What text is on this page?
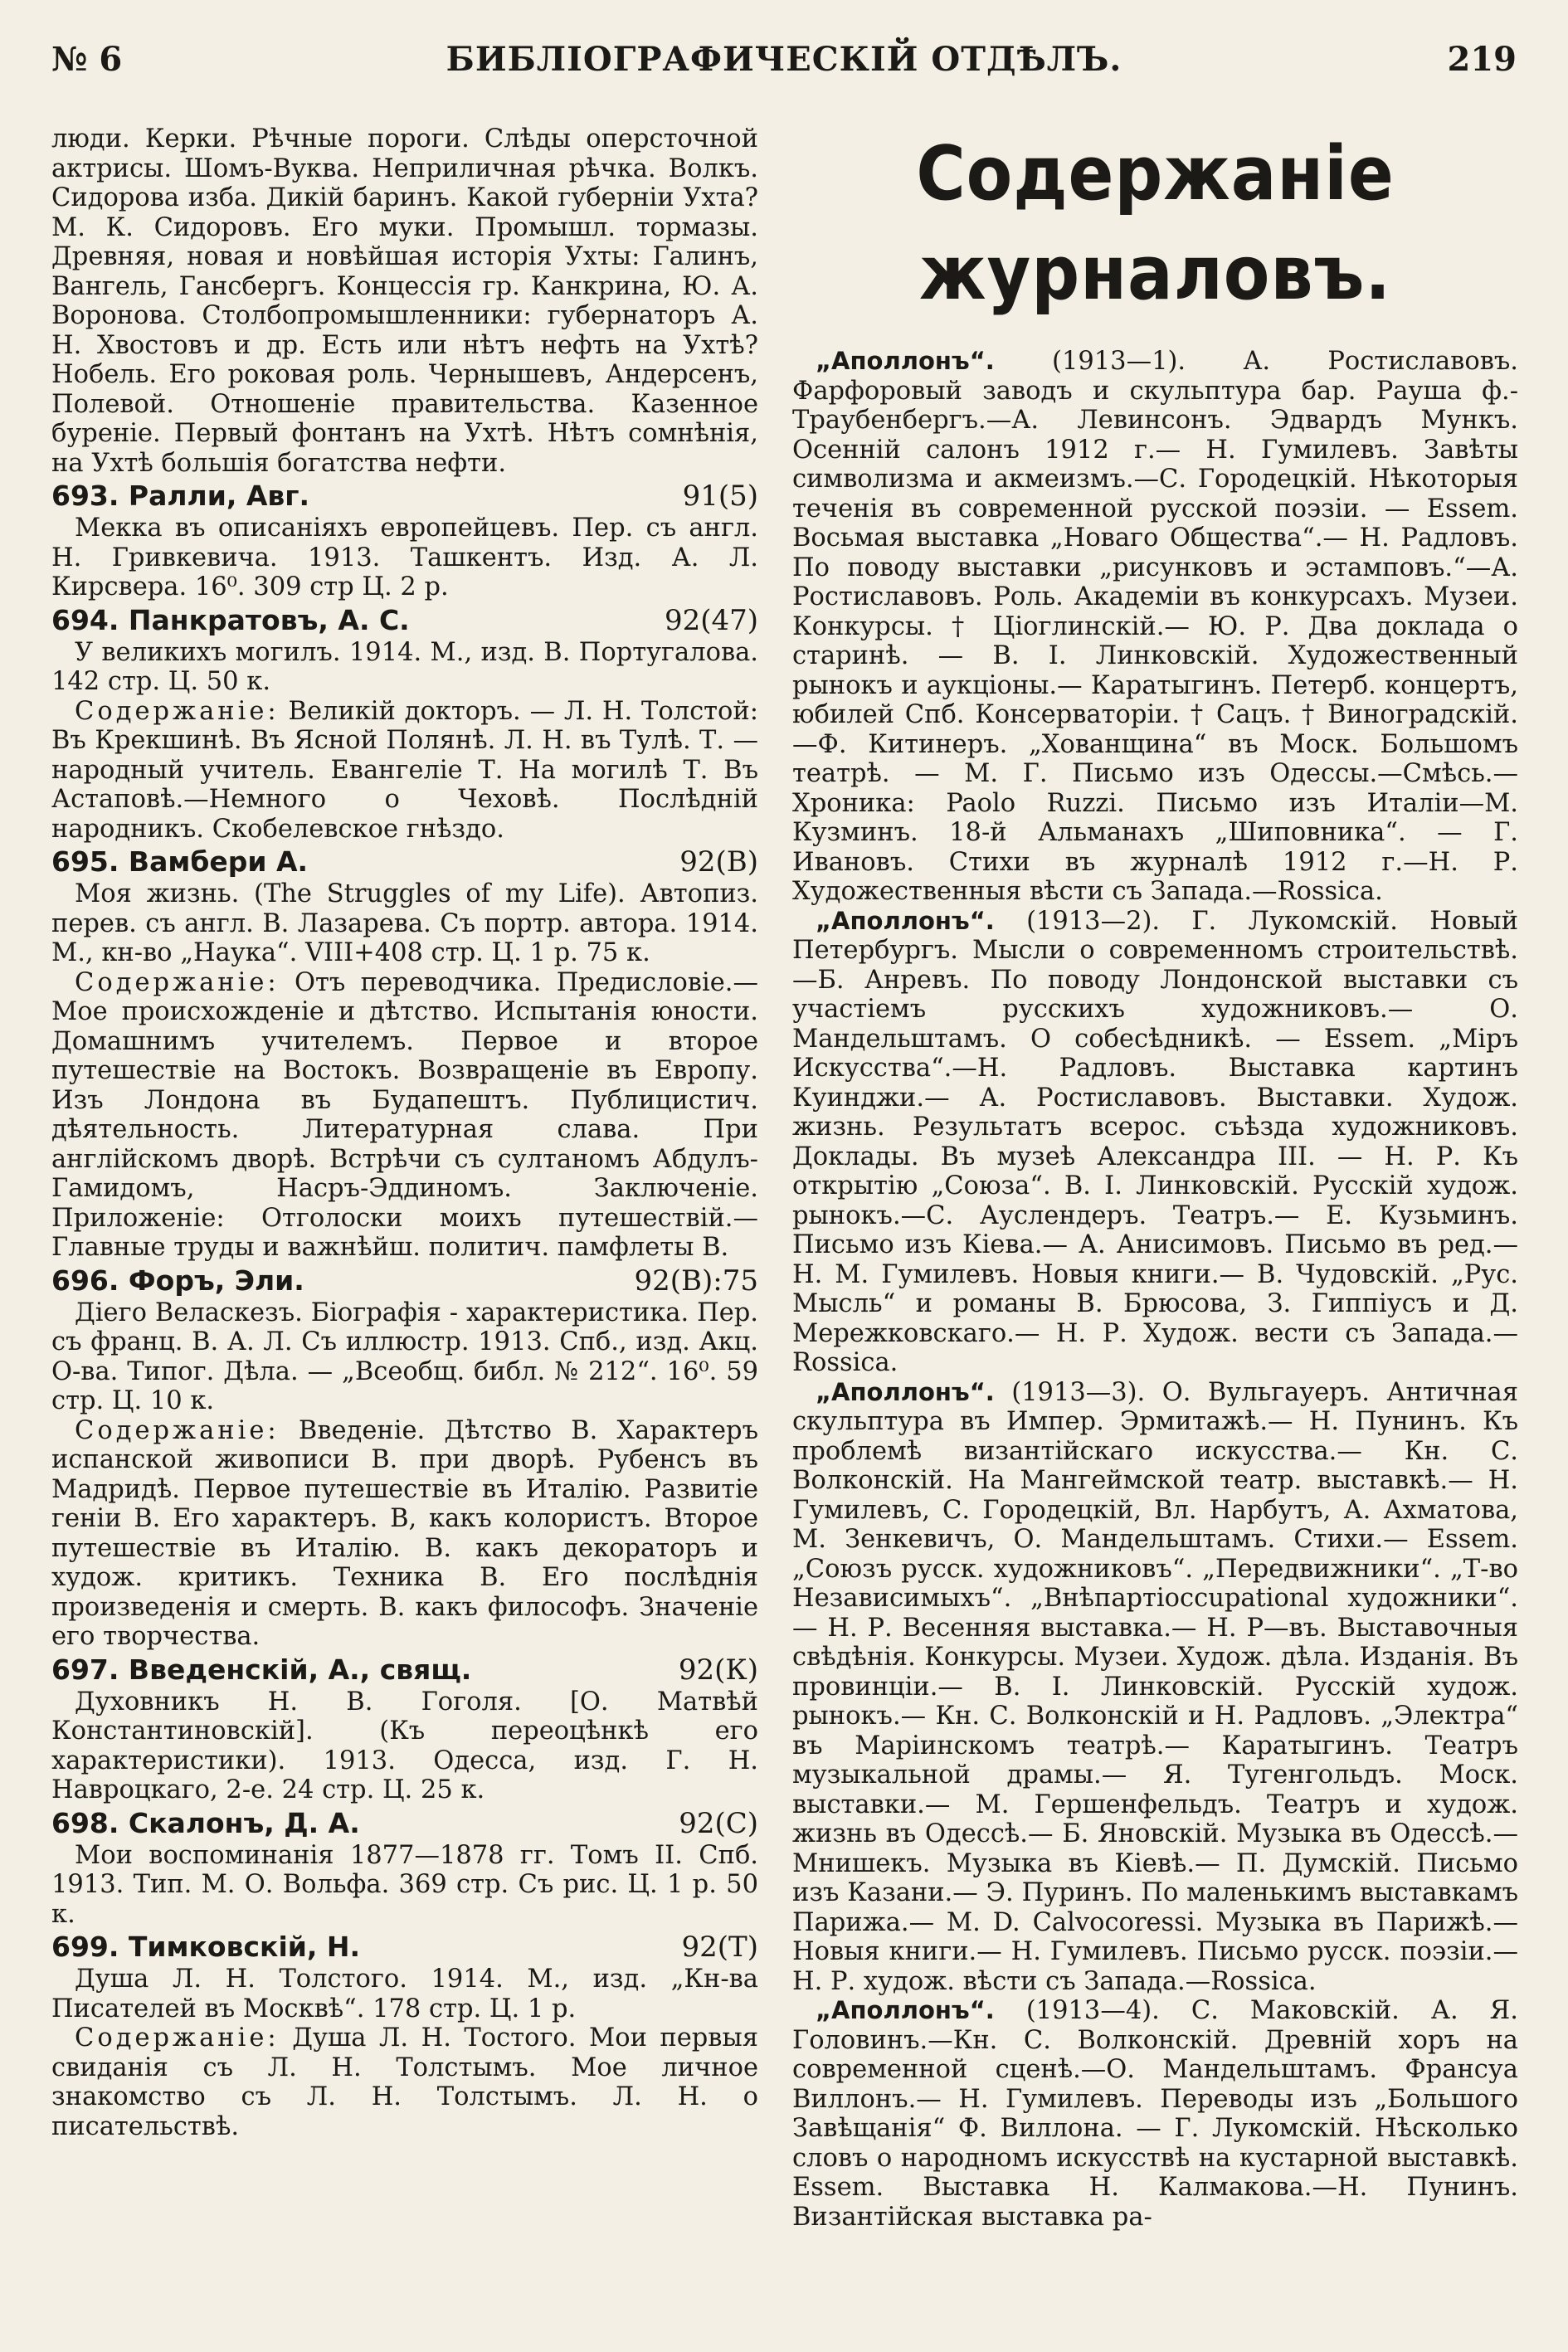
БИБЛІОГРАФИЧЕСКІЙ ОТДѢЛЪ.
№ 6	219

люди. Керки. Рѣчные пороги. Слѣды оперсточной актрисы. Шомъ-Вуква. Неприличная рѣчка. Волкъ. Сидорова изба. Дикій баринъ. Какой губерніи Ухта? М. К. Сидоровъ. Его муки. Промышл. тормазы. Древняя, новая и новѣйшая исторія Ухты: Галинъ, Вангель, Гансбергъ. Концессія гр. Канкрина, Ю. А. Воронова. Столбопромышленники: губернаторъ А. Н. Хвостовъ и др. Есть или нѣтъ нефть на Ухтѣ? Нобель. Его роковая роль. Чернышевъ, Андерсенъ, Полевой. Отношеніе правительства. Казенное буреніе. Первый фонтанъ на Ухтѣ. Нѣтъ сомнѣнія, на Ухтѣ большія богатства нефти.

693. Ралли, Авг.	91(5)

Мекка въ описаніяхъ европейцевъ. Пер. съ англ. Н. Гривкевича. 1913. Ташкентъ. Изд. А. Л. Кирсвера. 16⁰. 309 стр Ц. 2 р.

694. Панкратовъ, А. С.	92(47)

У великихъ могилъ. 1914. М., изд. В. Португалова. 142 стр. Ц. 50 к.

Содержаніе: Великій докторъ. — Л. Н. Толстой: Въ Крекшинѣ. Въ Ясной Полянѣ. Л. Н. въ Тулѣ. Т. — народный учитель. Евангеліе Т. На могилѣ Т. Въ Астаповѣ.—Немного о Чеховѣ. Послѣдній народникъ. Скобелевское гнѣздо.

695. Вамбери А.	92(В)

Моя жизнь. (The Struggles of my Life). Автопиз. перев. съ англ. В. Лазарева. Съ портр. автора. 1914. М., кн-во „Наука“. VIII+408 стр. Ц. 1 р. 75 к.

Содержаніе: Отъ переводчика. Предисловіе.—Мое происхожденіе и дѣтство. Испытанія юности. Домашнимъ учителемъ. Первое и второе путешествіе на Востокъ. Возвращеніе въ Европу. Изъ Лондона въ Будапештъ. Публицистич. дѣятельность. Литературная слава. При англійскомъ дворѣ. Встрѣчи съ султаномъ Абдулъ-Гамидомъ, Насръ-Эддиномъ. Заключеніе. Приложеніе: Отголоски моихъ путешествій.—Главные труды и важнѣйш. политич. памфлеты В.

696. Форъ, Эли.	92(В):75

Діего Веласкезъ. Біографія - характеристика. Пер. съ франц. В. А. Л. Съ иллюстр. 1913. Спб., изд. Акц. О-ва. Типог. Дѣла. — „Всеобщ. библ. № 212“. 16⁰. 59 стр. Ц. 10 к.

Содержаніе: Введеніе. Дѣтство В. Характеръ испанской живописи В. при дворѣ. Рубенсъ въ Мадридѣ. Первое путешествіе въ Италію. Развитіе геніи В. Его характеръ. В, какъ колористъ. Второе путешествіе въ Италію. В. какъ декораторъ и худож. критикъ. Техника В. Его послѣднія произведенія и смерть. В. какъ философъ. Значеніе его творчества.

697. Введенскій, А., свящ.	92(К)

Духовникъ Н. В. Гоголя. [О. Матвѣй Константиновскій]. (Къ переоцѣнкѣ его характеристики). 1913. Одесса, изд. Г. Н. Навроцкаго, 2-е. 24 стр. Ц. 25 к.

698. Скалонъ, Д. А.	92(С)

Мои воспоминанія 1877—1878 гг. Томъ II. Спб. 1913. Тип. М. О. Вольфа. 369 стр. Съ рис. Ц. 1 р. 50 к.

699. Тимковскій, Н.	92(Т)

Душа Л. Н. Толстого. 1914. М., изд. „Кн-ва Писателей въ Москвѣ“. 178 стр. Ц. 1 р.

Содержаніе: Душа Л. Н. Тостого. Мои первыя свиданія съ Л. Н. Толстымъ. Мое личное знакомство съ Л. Н. Толстымъ. Л. Н. о писательствѣ.

Содержаніе журналовъ.

„Аполлонъ“. (1913—1). А. Ростиславовъ. Фарфоровый заводъ и скульптура бар. Рауша ф.-Траубенбергъ.—А. Левинсонъ. Эдвардъ Мункъ. Осенній салонъ 1912 г.— Н. Гумилевъ. Завѣты символизма и акмеизмъ.—С. Городецкій. Нѣкоторыя теченія въ современной русской поэзіи. — Essem. Восьмая выставка „Новаго Общества“.— Н. Радловъ. По поводу выставки „рисунковъ и эстамповъ.“—А. Ростиславовъ. Роль. Академіи въ конкурсахъ. Музеи. Конкурсы. † Ціоглинскій.— Ю. Р. Два доклада о старинѣ. — В. І. Линковскій. Художественный рынокъ и аукціоны.— Каратыгинъ. Петерб. концертъ, юбилей Спб. Консерваторіи. † Сацъ. † Виноградскій.—Ф. Китинеръ. „Хованщина“ въ Моск. Большомъ театрѣ. — М. Г. Письмо изъ Одессы.—Смѣсь.— Хроника: Paolo Ruzzi. Письмо изъ Италіи—М. Кузминъ. 18-й Альманахъ „Шиповника“. — Г. Ивановъ. Стихи въ журналѣ 1912 г.—Н. Р. Художественныя вѣсти съ Запада.—Rossica.

„Аполлонъ“. (1913—2). Г. Лукомскій. Новый Петербургъ. Мысли о современномъ строительствѣ.—Б. Анревъ. По поводу Лондонской выставки съ участіемъ русскихъ художниковъ.— О. Мандельштамъ. О собесѣдникѣ. — Essem. „Міръ Искусства“.—Н. Радловъ. Выставка картинъ Куинджи.— А. Ростиславовъ. Выставки. Худож. жизнь. Результатъ всерос. съѣзда художниковъ. Доклады. Въ музеѣ Александра III. — Н. Р. Къ открытію „Союза“. В. І. Линковскій. Русскій худож. рынокъ.—С. Ауслендеръ. Театръ.— Е. Кузьминъ. Письмо изъ Кіева.— А. Анисимовъ. Письмо въ ред.— Н. М. Гумилевъ. Новыя книги.— В. Чудовскій. „Рус. Мысль“ и романы В. Брюсова, З. Гиппіусъ и Д. Мережковскаго.— Н. Р. Худож. вести съ Запада.— Rossica.

„Аполлонъ“. (1913—3). О. Вульгауеръ. Античная скульптура въ Импер. Эрмитажѣ.— Н. Пунинъ. Къ проблемѣ византійскаго искусства.— Кн. С. Волконскій. На Мангеймской театр. выставкѣ.— Н. Гумилевъ, С. Городецкій, Вл. Нарбутъ, А. Ахматова, М. Зенкевичъ, О. Мандельштамъ. Стихи.— Essem. „Союзъ русск. художниковъ“. „Передвижники“. „Т-во Независимыхъ“. „Внѣпартіoccupational художники“.— Н. Р. Весенняя выставка.— Н. Р—въ. Выставочныя свѣдѣнія. Конкурсы. Музеи. Худож. дѣла. Изданія. Въ провинціи.— В. І. Линковскій. Русскій худож. рынокъ.— Кн. С. Волконскій и Н. Радловъ. „Электра“ въ Маріинскомъ театрѣ.— Каратыгинъ. Театръ музыкальной драмы.— Я. Тугенгольдъ. Моск. выставки.— М. Гершенфельдъ. Театръ и худож. жизнь въ Одессѣ.— Б. Яновскій. Музыка въ Одессѣ.— Мнишекъ. Музыка въ Кіевѣ.— П. Думскій. Письмо изъ Казани.— Э. Пуринъ. По маленькимъ выставкамъ Парижа.— M. D. Calvocoressi. Музыка въ Парижѣ.— Новыя книги.— Н. Гумилевъ. Письмо русск. поэзіи.— Н. Р. худож. вѣсти съ Запада.—Rossica.

„Аполлонъ“. (1913—4). С. Маковскій. А. Я. Головинъ.—Кн. С. Волконскій. Древній хоръ на современной сценѣ.—О. Мандельштамъ. Франсуа Виллонъ.— Н. Гумилевъ. Переводы изъ „Большого Завѣщанія“ Ф. Виллона. — Г. Лукомскій. Нѣсколько словъ о народномъ искусствѣ на кустарной выставкѣ. Essem. Выставка Н. Калмакова.—Н. Пунинъ. Византійская выставка ра-
